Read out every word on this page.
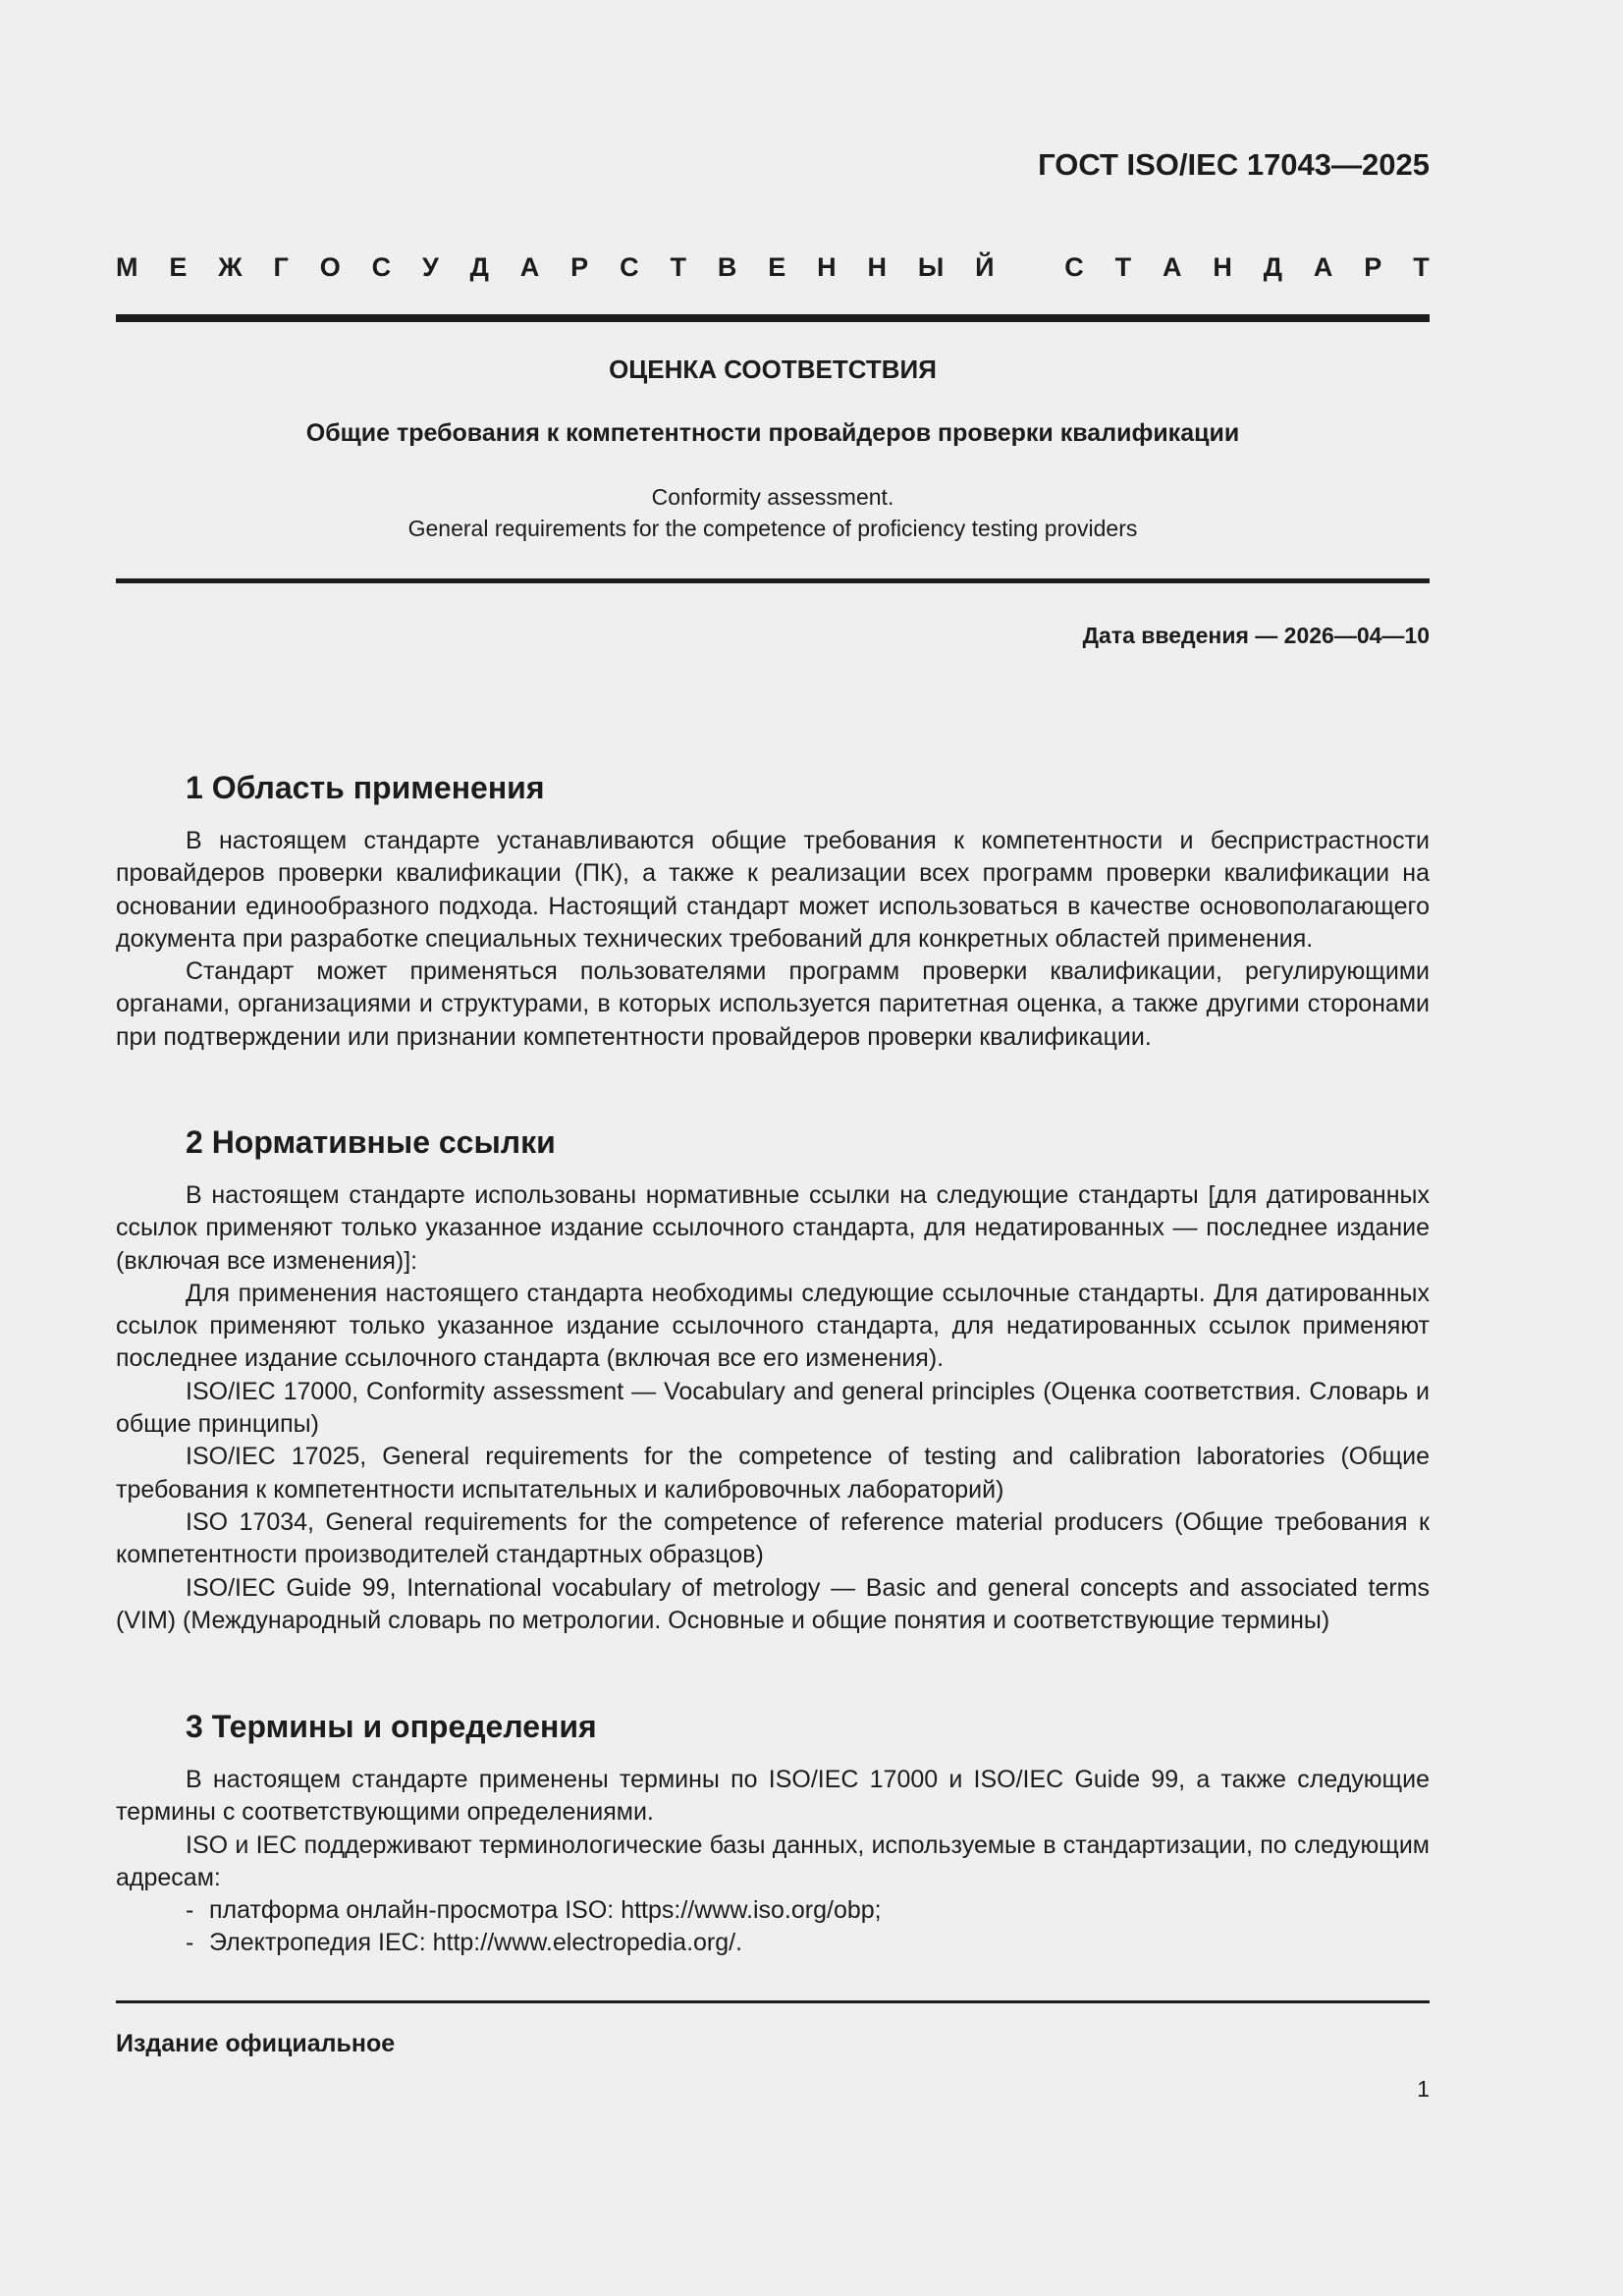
ГОСТ ISO/IEC 17043—2025
М Е Ж Г О С У Д А Р С Т В Е Н Н Ы Й	С Т А Н Д А Р Т
ОЦЕНКА СООТВЕТСТВИЯ
Общие требования к компетентности провайдеров проверки квалификации
Conformity assessment.
General requirements for the competence of proficiency testing providers
Дата введения — 2026—04—10
1 Область применения

В настоящем стандарте устанавливаются общие требования к компетентности и беспристрастности провайдеров проверки квалификации (ПК), а также к реализации всех программ проверки квалификации на основании единообразного подхода. Настоящий стандарт может использоваться в качестве основополагающего документа при разработке специальных технических требований для конкретных областей применения.

Стандарт может применяться пользователями программ проверки квалификации, регулирующими органами, организациями и структурами, в которых используется паритетная оценка, а также другими сторонами при подтверждении или признании компетентности провайдеров проверки квалификации.

2 Нормативные ссылки

В настоящем стандарте использованы нормативные ссылки на следующие стандарты [для датированных ссылок применяют только указанное издание ссылочного стандарта, для недатированных — последнее издание (включая все изменения)]:

Для применения настоящего стандарта необходимы следующие ссылочные стандарты. Для датированных ссылок применяют только указанное издание ссылочного стандарта, для недатированных ссылок применяют последнее издание ссылочного стандарта (включая все его изменения).

ISO/IEC 17000, Conformity assessment — Vocabulary and general principles (Оценка соответствия. Словарь и общие принципы)

ISO/IEC 17025, General requirements for the competence of testing and calibration laboratories (Общие требования к компетентности испытательных и калибровочных лабораторий)

ISO 17034, General requirements for the competence of reference material producers (Общие требования к компетентности производителей стандартных образцов)

ISO/IEC Guide 99, International vocabulary of metrology — Basic and general concepts and associated terms (VIM) (Международный словарь по метрологии. Основные и общие понятия и соответствующие термины)

3 Термины и определения

В настоящем стандарте применены термины по ISO/IEC 17000 и ISO/IEC Guide 99, а также следующие термины с соответствующими определениями.

ISO и IEC поддерживают терминологические базы данных, используемые в стандартизации, по следующим адресам:

- платформа онлайн-просмотра ISO: https://www.iso.org/obp;
- Электропедия IEC: http://www.electropedia.org/.
Издание официальное
1
